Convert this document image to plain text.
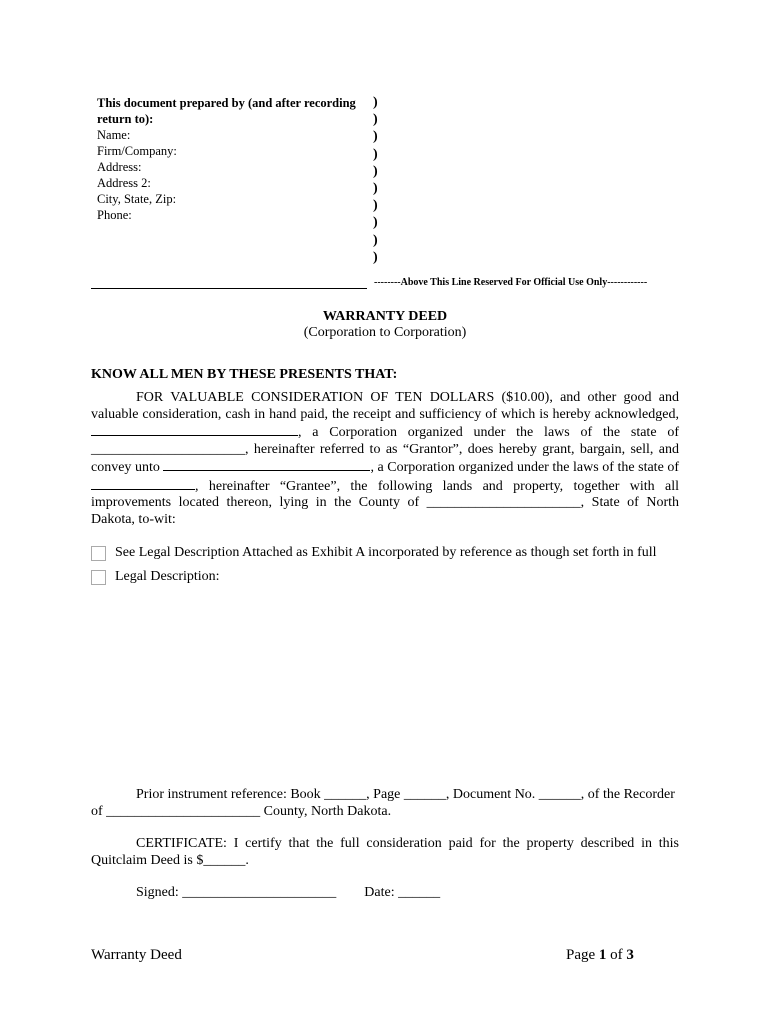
This document prepared by (and after recording return to):
Name:
Firm/Company:
Address:
Address 2:
City, State, Zip:
Phone:
)
)
)
)
)
)
)
)
)
)
--------Above This Line Reserved For Official Use Only------------
WARRANTY DEED
(Corporation to Corporation)
KNOW ALL MEN BY THESE PRESENTS THAT:
FOR VALUABLE CONSIDERATION OF TEN DOLLARS ($10.00), and other good and valuable consideration, cash in hand paid, the receipt and sufficiency of which is hereby acknowledged, , a Corporation organized under the laws of the state of ______________________, hereinafter referred to as “Grantor”, does hereby grant, bargain, sell, and convey unto	, a Corporation organized under the laws of the state of , hereinafter “Grantee”, the following lands and property, together with all improvements located thereon, lying in the County of ______________________, State of North Dakota, to-wit:
See Legal Description Attached as Exhibit A incorporated by reference as though set forth in full
Legal Description:
Prior instrument reference: Book ______, Page ______, Document No. ______, of the Recorder of ______________________ County, North Dakota.
CERTIFICATE: I certify that the full consideration paid for the property described in this Quitclaim Deed is $______.
Signed: ______________________        Date: ______
Warranty Deed	Page 1 of 3
